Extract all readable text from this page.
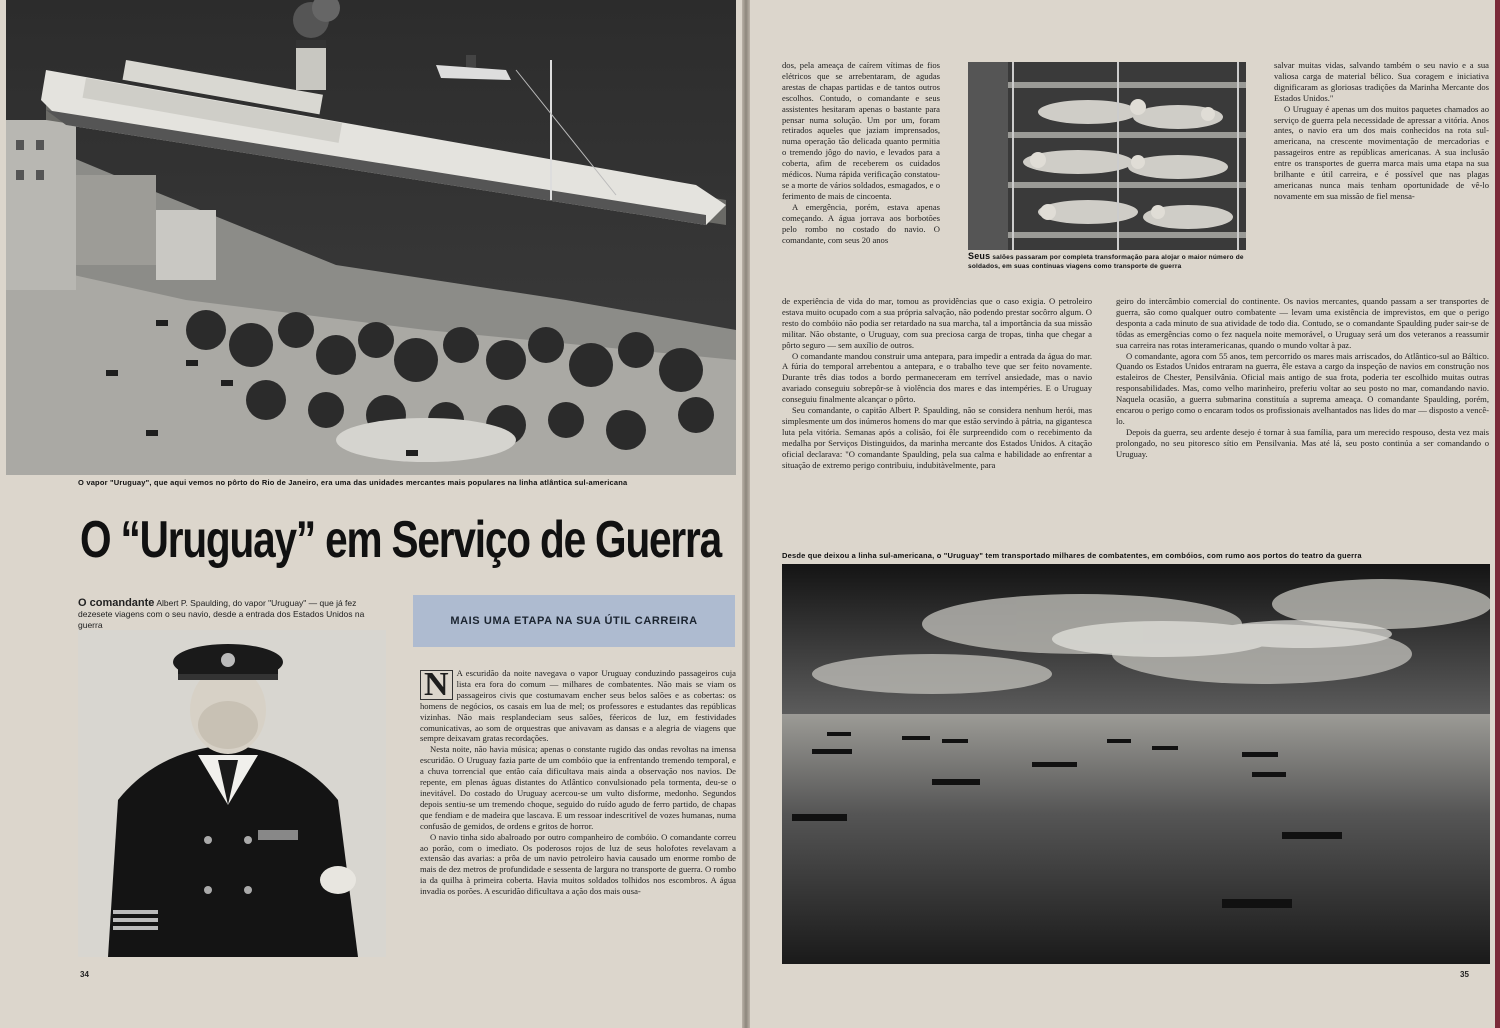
O vapor "Uruguay", que aqui vemos no pôrto do Rio de Janeiro, era uma das unidades mercantes mais populares na linha atlântica sul-americana
O “Uruguay” em Serviço de Guerra
O comandante Albert P. Spaulding, do vapor "Uruguay" — que já fez dezesete viagens com o seu navio, desde a entrada dos Estados Unidos na guerra	MAIS UMA ETAPA NA SUA ÚTIL CARREIRA

N A escuridão da noite navegava o vapor Uruguay conduzindo passageiros cuja lista era fora do comum — milhares de combatentes. Não mais se viam os passageiros civis que costumavam encher seus belos salões e as cobertas: os homens de negócios, os casais em lua de mel; os professores e estudantes das repúblicas vizinhas. Não mais resplandeciam seus salões, féericos de luz, em festividades comunicativas, ao som de orquestras que anivavam as dansas e a alegria de viagens que sempre deixavam gratas recordações.

Nesta noite, não havia música; apenas o constante rugido das ondas revoltas na imensa escuridão. O Uruguay fazia parte de um combóio que ia enfrentando tremendo temporal, e a chuva torrencial que então caía dificultava mais ainda a observação nos navios. De repente, em plenas águas distantes do Atlântico convulsionado pela tormenta, deu-se o inevitável. Do costado do Uruguay acercou-se um vulto disforme, medonho. Segundos depois sentiu-se um tremendo choque, seguido do ruído agudo de ferro partido, de chapas que fendiam e de madeira que lascava. E um ressoar indescritível de vozes humanas, numa confusão de gemidos, de ordens e gritos de horror.

O navio tinha sido abalroado por outro companheiro de combóio. O comandante correu ao porão, com o imediato. Os poderosos rojos de luz de seus holofotes revelavam a extensão das avarias: a prôa de um navio petroleiro havia causado um enorme rombo de mais de dez metros de profundidade e sessenta de largura no transporte de guerra. O rombo ia da quilha à primeira coberta. Havia muitos soldados tolhidos nos escombros. A água invadia os porões. A escuridão dificultava a ação dos mais ousa-

34

dos, pela ameaça de caírem vítimas de fios elétricos que se arrebentaram, de agudas arestas de chapas partidas e de tantos outros escolhos. Contudo, o comandante e seus assistentes hesitaram apenas o bastante para pensar numa solução. Um por um, foram retirados aqueles que jaziam imprensados, numa operação tão delicada quanto permitia o tremendo jôgo do navio, e levados para a coberta, afim de receberem os cuidados médicos. Numa rápida verificação constatou-se a morte de vários soldados, esmagados, e o ferimento de mais de cincoenta.

A emergência, porém, estava apenas começando. A água jorrava aos borbotões pelo rombo no costado do navio. O comandante, com seus 20 anos

Seus salões passaram por completa transformação para alojar o maior número de soldados, em suas contínuas viagens como transporte de guerra

salvar muitas vidas, salvando também o seu navio e a sua valiosa carga de material bélico. Sua coragem e iniciativa dignificaram as gloriosas tradições da Marinha Mercante dos Estados Unidos."

O Uruguay é apenas um dos muitos paquetes chamados ao serviço de guerra pela necessidade de apressar a vitória. Anos antes, o navio era um dos mais conhecidos na rota sul-americana, na crescente movimentação de mercadorias e passageiros entre as repúblicas americanas. A sua inclusão entre os transportes de guerra marca mais uma etapa na sua brilhante e útil carreira, e é possível que nas plagas americanas nunca mais tenham oportunidade de vê-lo novamente em sua missão de fiel mensa-

de experiência de vida do mar, tomou as providências que o caso exigia. O petroleiro estava muito ocupado com a sua própria salvação, não podendo prestar socôrro algum. O resto do combóio não podia ser retardado na sua marcha, tal a importância da sua missão militar. Não obstante, o Uruguay, com sua preciosa carga de tropas, tinha que chegar a pôrto seguro — sem auxílio de outros.

O comandante mandou construir uma antepara, para impedir a entrada da água do mar. A fúria do temporal arrebentou a antepara, e o trabalho teve que ser feito novamente. Durante três dias todos a bordo permaneceram em terrível ansiedade, mas o navio avariado conseguiu sobrepôr-se à violência dos mares e das intempéries. E o Uruguay conseguiu finalmente alcançar o pôrto.

Seu comandante, o capitão Albert P. Spaulding, não se considera nenhum herói, mas simplesmente um dos inúmeros homens do mar que estão servindo à pátria, na gigantesca luta pela vitória. Semanas após a colisão, foi êle surpreendido com o recebimento da medalha por Serviços Distinguidos, da marinha mercante dos Estados Unidos. A citação oficial declarava: "O comandante Spaulding, pela sua calma e habilidade ao enfrentar a situação de extremo perigo contribuiu, indubitàvelmente, para

geiro do intercâmbio comercial do continente. Os navios mercantes, quando passam a ser transportes de guerra, são como qualquer outro combatente — levam uma existência de imprevistos, em que o perigo desponta a cada minuto de sua atividade de todo dia. Contudo, se o comandante Spaulding puder sair-se de tôdas as emergências como o fez naquela noite memorável, o Uruguay será um dos veteranos a reassumir sua carreira nas rotas interamericanas, quando o mundo voltar à paz.

O comandante, agora com 55 anos, tem percorrido os mares mais arriscados, do Atlântico-sul ao Báltico. Quando os Estados Unidos entraram na guerra, êle estava a cargo da inspeção de navios em construção nos estaleiros de Chester, Pensilvânia. Oficial mais antigo de sua frota, poderia ter escolhido muitas outras responsabilidades. Mas, como velho marinheiro, preferiu voltar ao seu posto no mar, comandando navio. Naquela ocasião, a guerra submarina constituía a suprema ameaça. O comandante Spaulding, porém, encarou o perigo como o encaram todos os profissionais avelhantados nas lides do mar — disposto a vencê-lo.

Depois da guerra, seu ardente desejo é tornar à sua família, para um merecido respouso, desta vez mais prolongado, no seu pitoresco sítio em Pensilvania. Mas até lá, seu posto continúa a ser comandando o Uruguay.

Desde que deixou a linha sul-americana, o "Uruguay" tem transportado milhares de combatentes, em combóios, com rumo aos portos do teatro da guerra
35
